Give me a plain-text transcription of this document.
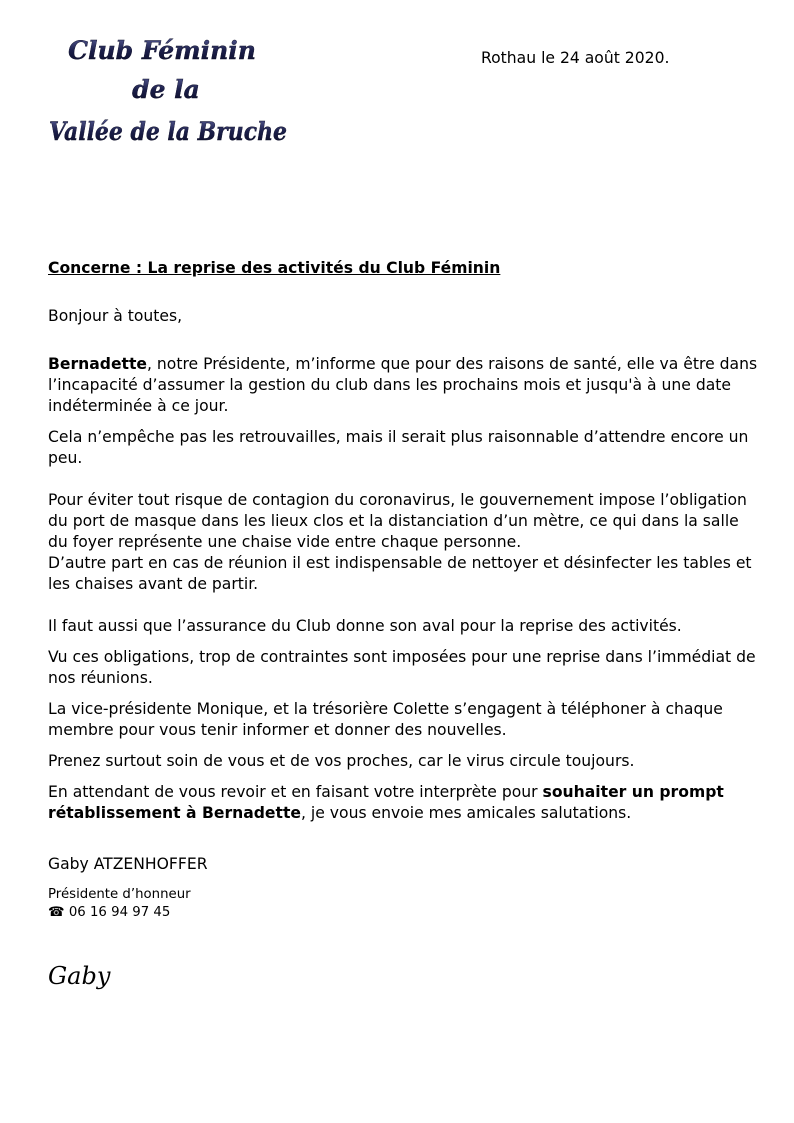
Club Féminin
de la
Vallée de la Bruche
Rothau le 24 août 2020.

Concerne : La reprise des activités du Club Féminin

Bonjour à toutes,

Bernadette, notre Présidente, m’informe que pour des raisons de santé, elle va être dans l’incapacité d’assumer la gestion du club dans les prochains mois et jusqu'à à une date indéterminée à ce jour.

Cela n’empêche pas les retrouvailles, mais il serait plus raisonnable d’attendre encore un peu.

Pour éviter tout risque de contagion du coronavirus, le gouvernement impose l’obligation du port de masque dans les lieux clos et la distanciation d’un mètre, ce qui dans la salle du foyer représente une chaise vide entre chaque personne.

D’autre part en cas de réunion il est indispensable de nettoyer et désinfecter les tables et les chaises avant de partir.

Il faut aussi que l’assurance du Club donne son aval pour la reprise des activités.

Vu ces obligations, trop de contraintes sont imposées pour une reprise dans l’immédiat de nos réunions.

La vice-présidente Monique, et la trésorière Colette s’engagent à téléphoner à chaque membre pour vous tenir informer et donner des nouvelles.

Prenez surtout soin de vous et de vos proches, car le virus circule toujours.

En attendant de vous revoir et en faisant votre interprète pour souhaiter un prompt rétablissement à Bernadette, je vous envoie mes amicales salutations.

Gaby ATZENHOFFER

Présidente d’honneur

☎ 06 16 94 97 45

Gaby
